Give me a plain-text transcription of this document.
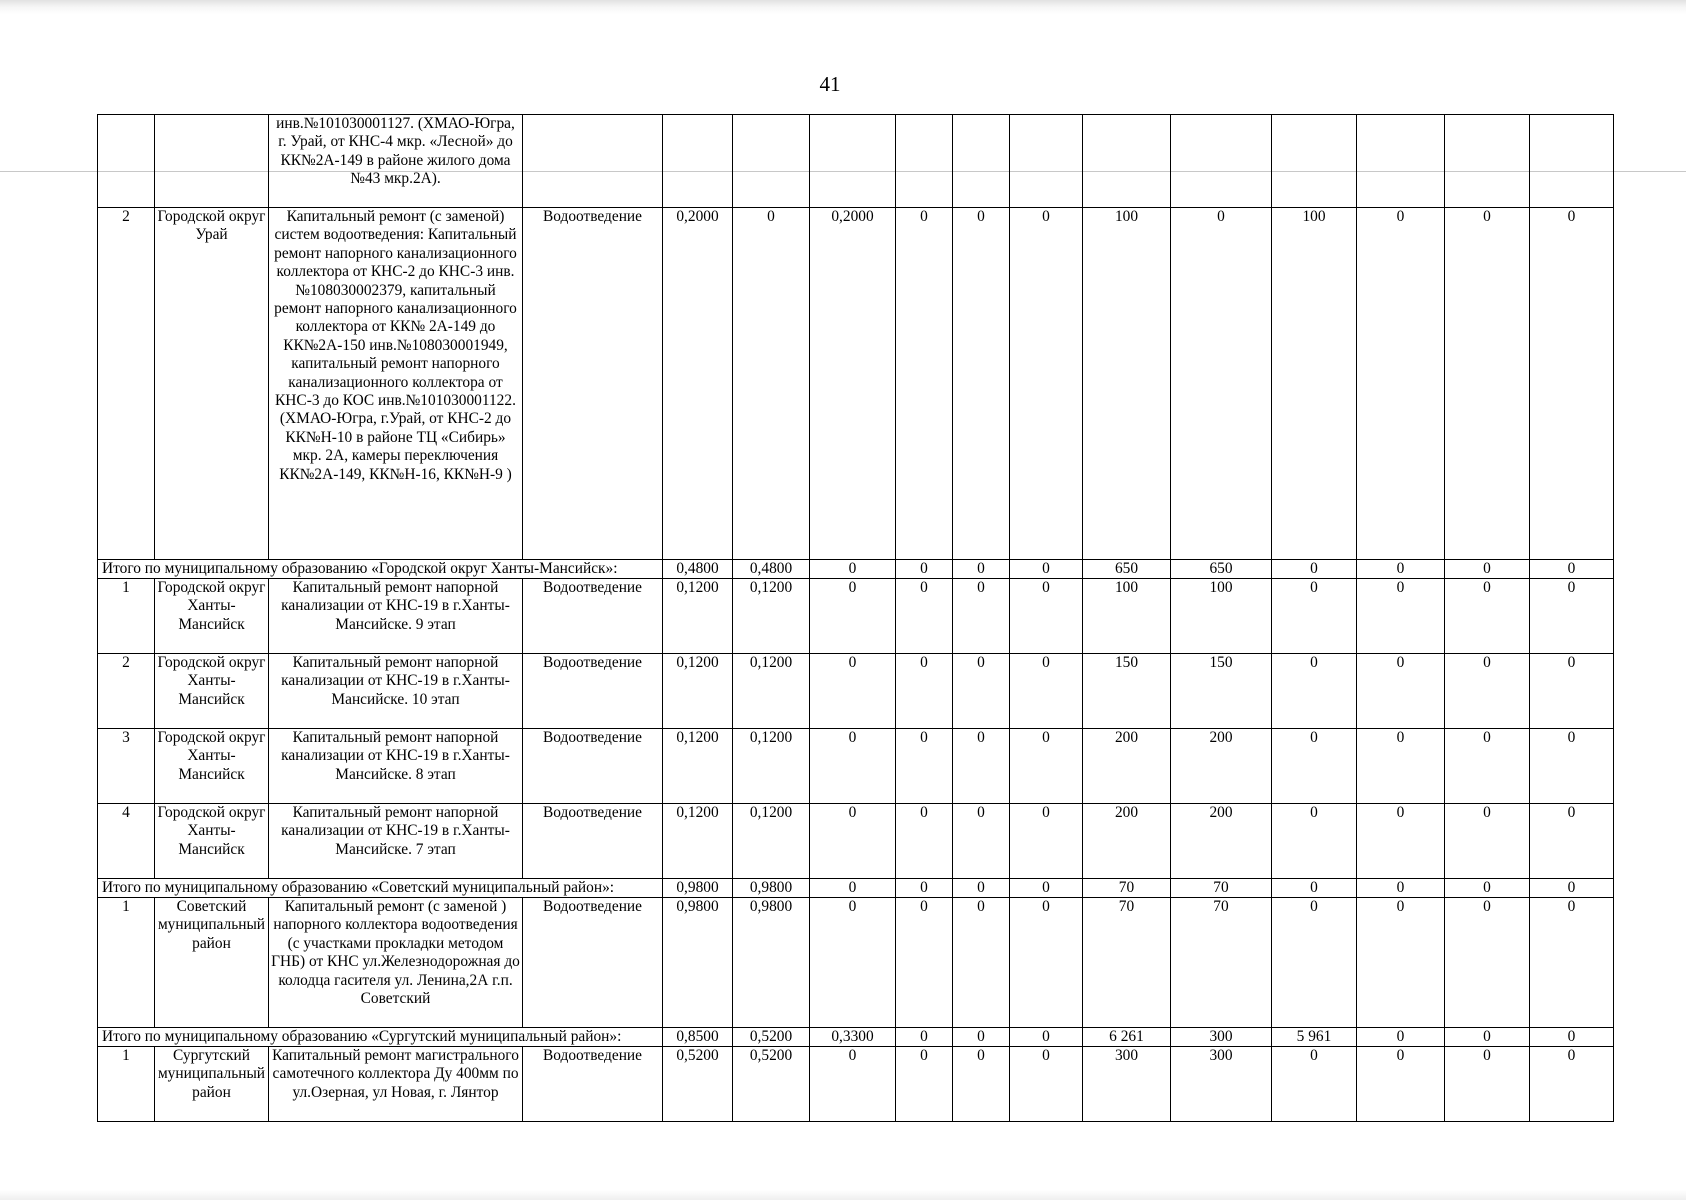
41
		инв.№101030001127. (ХМАО-Югра, г. Урай, от КНС-4 мкр. «Лесной» до КК№2А-149 в районе жилого дома №43 мкр.2А).													
2	Городской округ Урай	Капитальный ремонт (с заменой) систем водоотведения: Капитальный ремонт напорного канализационного коллектора от КНС-2 до КНС-3 инв.№108030002379, капитальный ремонт напорного канализационного коллектора от КК№ 2А-149 до КК№2А-150 инв.№108030001949, капитальный ремонт напорного канализационного коллектора от КНС-3 до КОС инв.№101030001122. (ХМАО-Югра, г.Урай, от КНС-2 до КК№Н-10 в районе ТЦ «Сибирь» мкр. 2А, камеры переключения КК№2А-149, КК№Н-16, КК№Н-9 )	Водоотведение	0,2000	0	0,2000	0	0	0	100	0	100	0	0	0
Итого по муниципальному образованию «Городской округ Ханты-Мансийск»:				0,4800	0,4800	0	0	0	0	650	650	0	0	0	0
1	Городской округ Ханты-Мансийск	Капитальный ремонт напорной канализации от КНС-19 в г.Ханты-Мансийске. 9 этап	Водоотведение	0,1200	0,1200	0	0	0	0	100	100	0	0	0	0
2	Городской округ Ханты-Мансийск	Капитальный ремонт напорной канализации от КНС-19 в г.Ханты-Мансийске. 10 этап	Водоотведение	0,1200	0,1200	0	0	0	0	150	150	0	0	0	0
3	Городской округ Ханты-Мансийск	Капитальный ремонт напорной канализации от КНС-19 в г.Ханты-Мансийске. 8 этап	Водоотведение	0,1200	0,1200	0	0	0	0	200	200	0	0	0	0
4	Городской округ Ханты-Мансийск	Капитальный ремонт напорной канализации от КНС-19 в г.Ханты-Мансийске. 7 этап	Водоотведение	0,1200	0,1200	0	0	0	0	200	200	0	0	0	0
Итого по муниципальному образованию «Советский муниципальный район»:				0,9800	0,9800	0	0	0	0	70	70	0	0	0	0
1	Советский муниципальный район	Капитальный ремонт (с заменой ) напорного коллектора водоотведения (с участками прокладки методом ГНБ) от КНС ул.Железнодорожная до колодца гасителя ул. Ленина,2А г.п. Советский	Водоотведение	0,9800	0,9800	0	0	0	0	70	70	0	0	0	0
Итого по муниципальному образованию «Сургутский муниципальный район»:				0,8500	0,5200	0,3300	0	0	0	6 261	300	5 961	0	0	0
1	Сургутский муниципальный район	Капитальный ремонт магистрального самотечного коллектора Ду 400мм по ул.Озерная, ул Новая, г. Лянтор	Водоотведение	0,5200	0,5200	0	0	0	0	300	300	0	0	0	0
